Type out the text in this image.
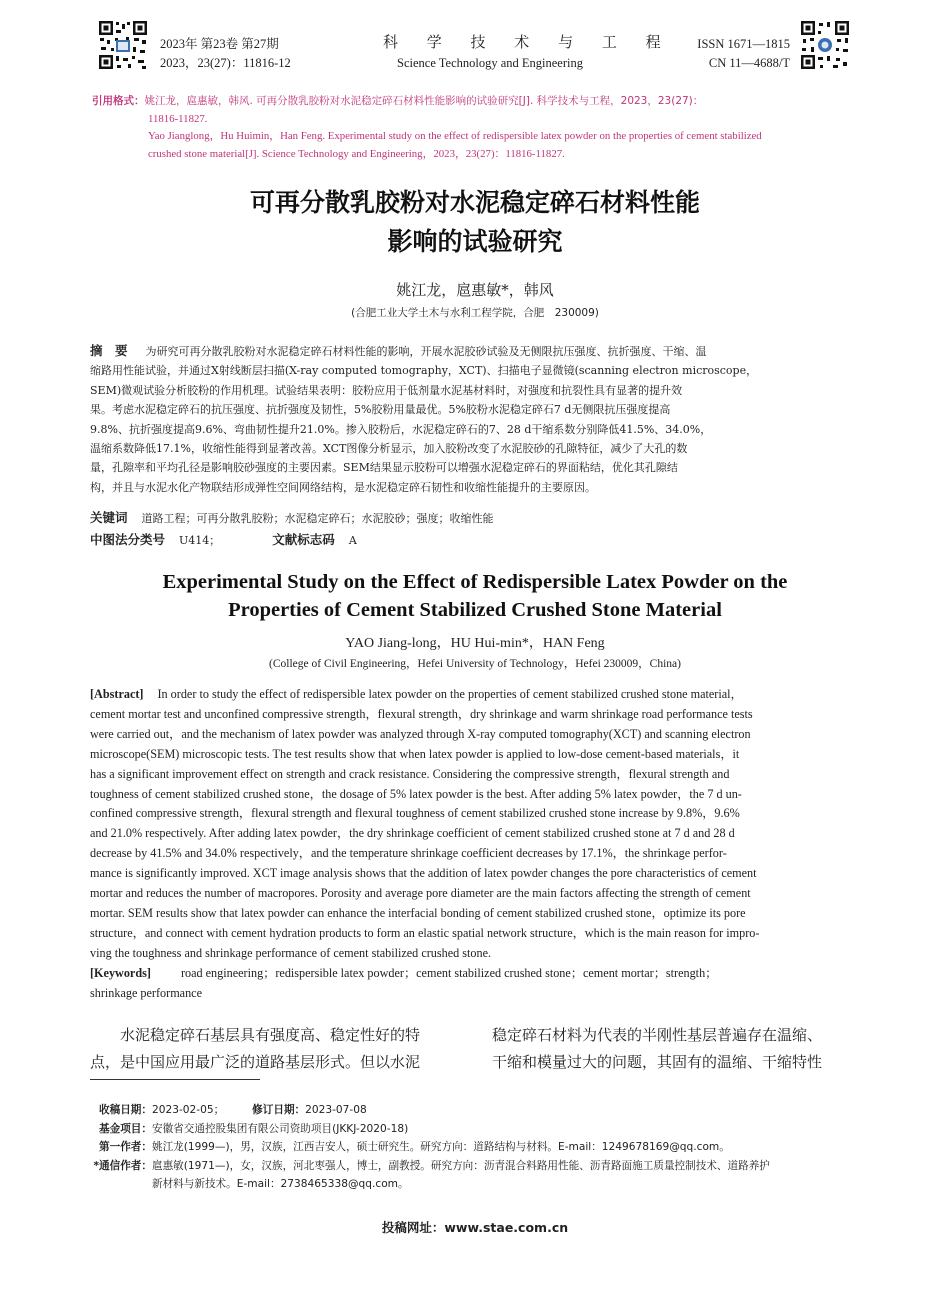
2023年 第23卷 第27期
2023，23(27)：11816-12
科 学 技 术 与 工 程
Science Technology and Engineering
ISSN 1671—1815
CN 11—4688/T
引用格式：姚江龙，扈惠敏，韩风. 可再分散乳胶粉对水泥稳定碎石材料性能影响的试验研究[J]. 科学技术与工程，2023，23(27)：
11816-11827.
Yao Jianglong，Hu Huimin，Han Feng. Experimental study on the effect of redispersible latex powder on the properties of cement stabilized
crushed stone material[J]. Science Technology and Engineering，2023，23(27)：11816-11827.
可再分散乳胶粉对水泥稳定碎石材料性能
影响的试验研究
姚江龙，扈惠敏*，韩风
(合肥工业大学土木与水利工程学院，合肥　230009)
摘　要 为研究可再分散乳胶粉对水泥稳定碎石材料性能的影响，开展水泥胶砂试验及无侧限抗压强度、抗折强度、干缩、温
缩路用性能试验，并通过X射线断层扫描(X-ray computed tomography，XCT)、扫描电子显微镜(scanning electron microscope，
SEM)微观试验分析胶粉的作用机理。试验结果表明：胶粉应用于低剂量水泥基材料时，对强度和抗裂性具有显著的提升效
果。考虑水泥稳定碎石的抗压强度、抗折强度及韧性，5%胶粉用量最优。5%胶粉水泥稳定碎石7 d无侧限抗压强度提高
9.8%、抗折强度提高9.6%、弯曲韧性提升21.0%。掺入胶粉后，水泥稳定碎石的7、28 d干缩系数分别降低41.5%、34.0%，
温缩系数降低17.1%，收缩性能得到显著改善。XCT图像分析显示，加入胶粉改变了水泥胶砂的孔隙特征，减少了大孔的数
量，孔隙率和平均孔径是影响胶砂强度的主要因素。SEM结果显示胶粉可以增强水泥稳定碎石的界面粘结，优化其孔隙结
构，并且与水泥水化产物联结形成弹性空间网络结构，是水泥稳定碎石韧性和收缩性能提升的主要原因。
关键词 道路工程；可再分散乳胶粉；水泥稳定碎石；水泥胶砂；强度；收缩性能
中图法分类号 U414；	文献标志码 A
Experimental Study on the Effect of Redispersible Latex Powder on the
Properties of Cement Stabilized Crushed Stone Material
YAO Jiang-long，HU Hui-min*，HAN Feng
(College of Civil Engineering，Hefei University of Technology，Hefei 230009，China)
[Abstract] In order to study the effect of redispersible latex powder on the properties of cement stabilized crushed stone material，
cement mortar test and unconfined compressive strength，flexural strength，dry shrinkage and warm shrinkage road performance tests
were carried out，and the mechanism of latex powder was analyzed through X-ray computed tomography(XCT) and scanning electron
microscope(SEM) microscopic tests. The test results show that when latex powder is applied to low-dose cement-based materials，it
has a significant improvement effect on strength and crack resistance. Considering the compressive strength，flexural strength and
toughness of cement stabilized crushed stone，the dosage of 5% latex powder is the best. After adding 5% latex powder，the 7 d un-
confined compressive strength，flexural strength and flexural toughness of cement stabilized crushed stone increase by 9.8%，9.6%
and 21.0% respectively. After adding latex powder，the dry shrinkage coefficient of cement stabilized crushed stone at 7 d and 28 d
decrease by 41.5% and 34.0% respectively，and the temperature shrinkage coefficient decreases by 17.1%，the shrinkage perfor-
mance is significantly improved. XCT image analysis shows that the addition of latex powder changes the pore characteristics of cement
mortar and reduces the number of macropores. Porosity and average pore diameter are the main factors affecting the strength of cement
mortar. SEM results show that latex powder can enhance the interfacial bonding of cement stabilized crushed stone，optimize its pore
structure，and connect with cement hydration products to form an elastic spatial network structure，which is the main reason for impro-
ving the toughness and shrinkage performance of cement stabilized crushed stone.
[Keywords] road engineering；redispersible latex powder；cement stabilized crushed stone；cement mortar；strength；
shrinkage performance
水泥稳定碎石基层具有强度高、稳定性好的特
点，是中国应用最广泛的道路基层形式。但以水泥
稳定碎石材料为代表的半刚性基层普遍存在温缩、
干缩和模量过大的问题，其固有的温缩、干缩特性
收稿日期：2023-02-05；	修订日期：2023-07-08
基金项目：安徽省交通控股集团有限公司资助项目(JKKJ-2020-18)
第一作者：姚江龙(1999—)，男，汉族，江西吉安人，硕士研究生。研究方向：道路结构与材料。E-mail：1249678169@qq.com。
*通信作者：扈惠敏(1971—)，女，汉族，河北枣强人，博士，副教授。研究方向：沥青混合料路用性能、沥青路面施工质量控制技术、道路养护
新材料与新技术。E-mail：2738465338@qq.com。
投稿网址：www.stae.com.cn
